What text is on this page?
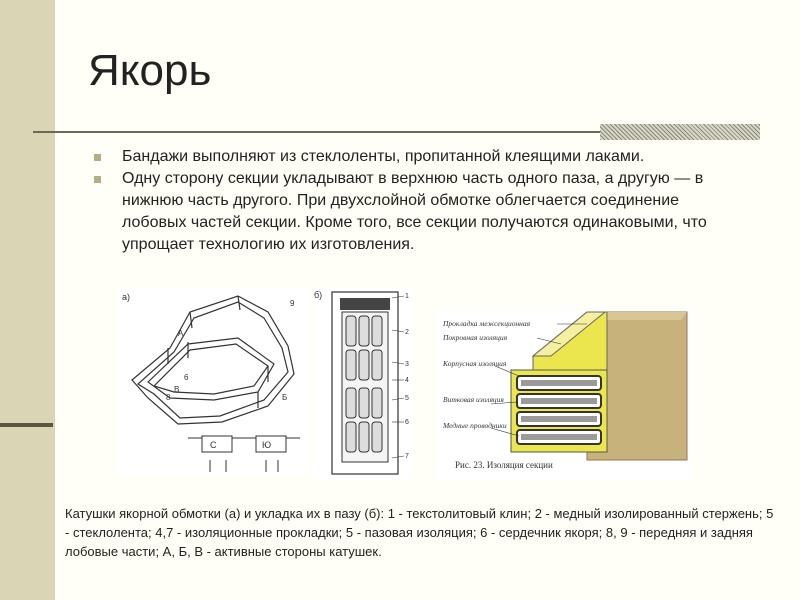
Якорь
Бандажи выполняют из стеклоленты, пропитанной клеящими лаками.
Одну сторону секции укладывают в верхнюю часть одного паза, а другую — в нижнюю часть другого. При двухслойной обмотке облегчается соединение лобовых частей секции. Кроме того, все секции получаются одинаковыми, что упрощает технологию их изготовления.
а)
9
8
А
Б
В
6
С	Ю
б)	1
2
3
4
5
6
7
Прокладка межсекционная
Покровная изоляция
Корпусная изоляция
Витковая изоляция
Медные проводники
Рис. 23. Изоляция секции
Катушки якорной обмотки (а) и укладка их в пазу (б): 1 - текстолитовый клин; 2 - медный изолированный стержень; 5 - стеклолента; 4,7 - изоляционные прокладки; 5 - пазовая изоляция; 6 - сердечник якоря; 8, 9 - передняя и задняя лобовые части; А, Б, В - активные стороны катушек.
